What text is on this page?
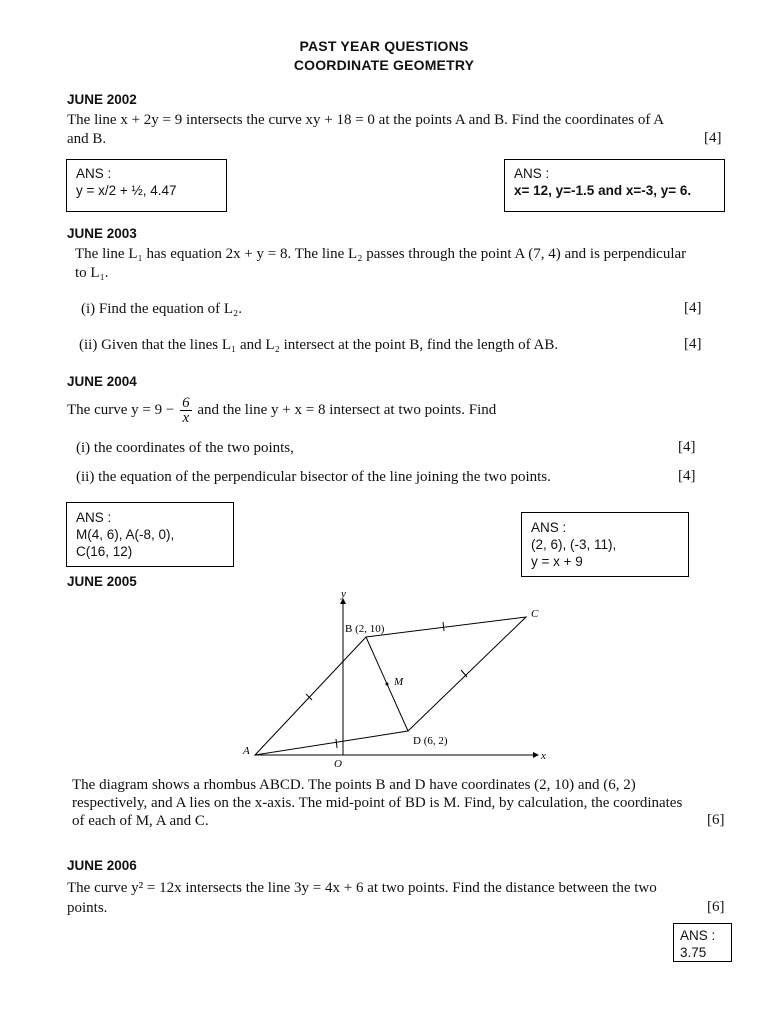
PAST YEAR QUESTIONS
COORDINATE GEOMETRY
JUNE 2002
The line x + 2y = 9 intersects the curve xy + 18 = 0 at the points A and B. Find the coordinates of A
and B.	[4]
ANS :
y = x/2 + ½, 4.47
ANS :
x= 12, y=-1.5 and x=-3, y= 6.
JUNE 2003
The line L₁ has equation 2x + y = 8. The line L₂ passes through the point A (7, 4) and is perpendicular
to L₁.
(i) Find the equation of L₂.	[4]
(ii) Given that the lines L₁ and L₂ intersect at the point B, find the length of AB.	[4]
JUNE 2004
The curve $y = 9 - \frac{6}{x}$ and the line y + x = 8 intersect at two points. Find
(i) the coordinates of the two points,	[4]
(ii) the equation of the perpendicular bisector of the line joining the two points.	[4]
ANS :
M(4, 6), A(-8, 0),
C(16, 12)
ANS :
(2, 6), (-3, 11),
y = x + 9
JUNE 2005
y
x
O
A
B (2, 10)
C
D (6, 2)
M
The diagram shows a rhombus ABCD. The points B and D have coordinates (2, 10) and (6, 2)
respectively, and A lies on the x-axis. The mid-point of BD is M. Find, by calculation, the coordinates
of each of M, A and C.	[6]
JUNE 2006
The curve y² = 12x intersects the line 3y = 4x + 6 at two points. Find the distance between the two
points.	[6]
ANS :
3.75
